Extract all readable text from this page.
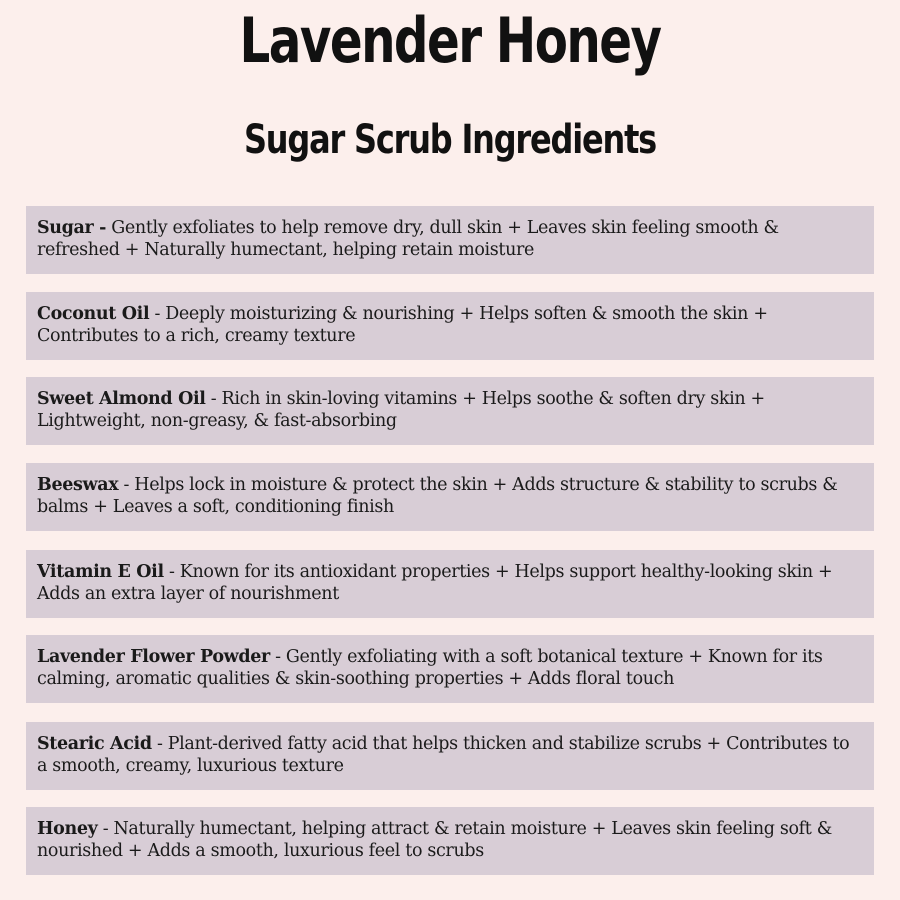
Lavender Honey
Sugar Scrub Ingredients
Sugar - Gently exfoliates to help remove dry, dull skin + Leaves skin feeling smooth & refreshed + Naturally humectant, helping retain moisture
Coconut Oil - Deeply moisturizing & nourishing + Helps soften & smooth the skin + Contributes to a rich, creamy texture
Sweet Almond Oil - Rich in skin-loving vitamins + Helps soothe & soften dry skin + Lightweight, non-greasy, & fast-absorbing
Beeswax - Helps lock in moisture & protect the skin + Adds structure & stability to scrubs & balms + Leaves a soft, conditioning finish
Vitamin E Oil - Known for its antioxidant properties + Helps support healthy-looking skin + Adds an extra layer of nourishment
Lavender Flower Powder - Gently exfoliating with a soft botanical texture + Known for its calming, aromatic qualities & skin-soothing properties + Adds floral touch
Stearic Acid - Plant-derived fatty acid that helps thicken and stabilize scrubs + Contributes to a smooth, creamy, luxurious texture
Honey - Naturally humectant, helping attract & retain moisture + Leaves skin feeling soft & nourished + Adds a smooth, luxurious feel to scrubs
